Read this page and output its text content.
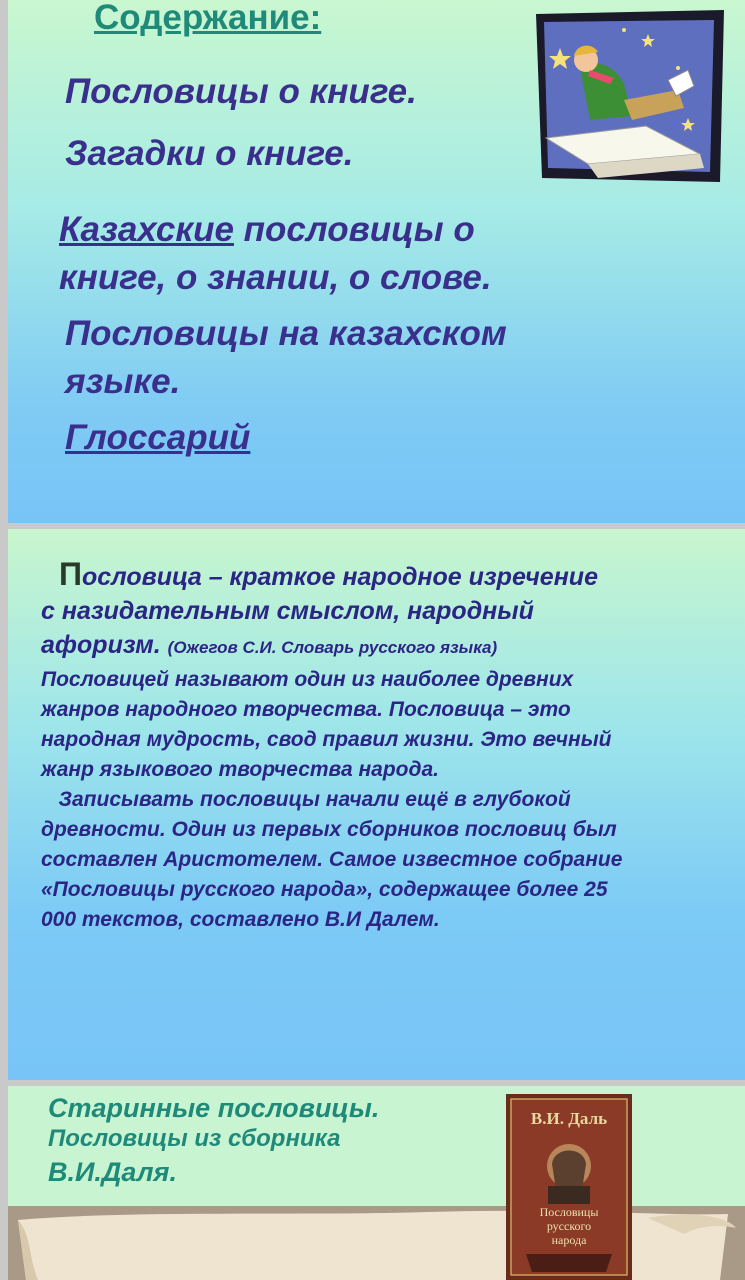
Содержание:

Пословицы о книге.

Загадки о книге.

Казахские пословицы о
книге, о знании, о слове.
Пословицы на казахском
языке.

Глоссарий

Пословица – краткое народное изречение
с назидательным смыслом, народный
афоризм. (Ожегов С.И. Словарь русского языка)
Пословицей называют один из наиболее древних
жанров народного творчества. Пословица – это
народная мудрость, свод правил жизни. Это вечный
жанр языкового творчества народа.
Записывать пословицы начали ещё в глубокой
древности. Один из первых сборников пословиц был
составлен Аристотелем. Самое известное собрание
«Пословицы русского народа», содержащее более 25
000 текстов, составлено В.И Далем.
Старинные пословицы.
Пословицы из сборника
В.И.Даля.
В.И. Даль
Пословицы
русского
народа
